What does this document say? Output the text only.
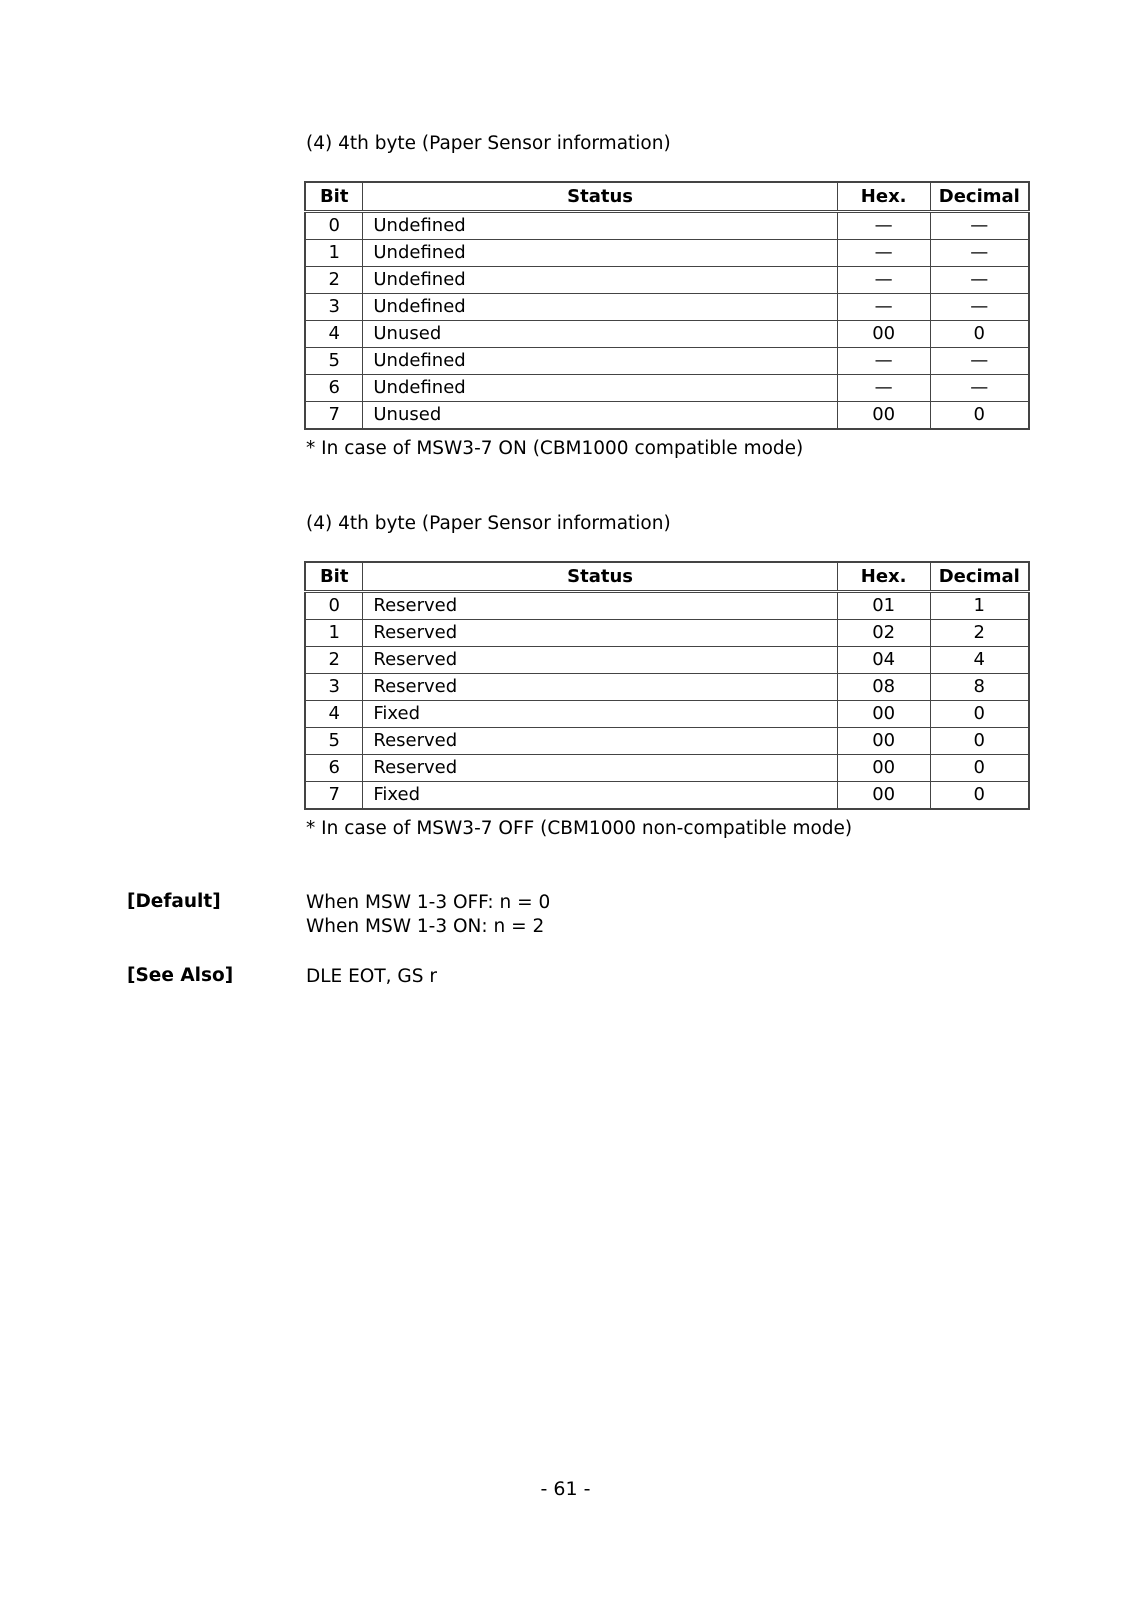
(4) 4th byte (Paper Sensor information)
Bit	Status	Hex.	Decimal
0	Undefined	—	—
1	Undefined	—	—
2	Undefined	—	—
3	Undefined	—	—
4	Unused	00	0
5	Undefined	—	—
6	Undefined	—	—
7	Unused	00	0
* In case of MSW3-7 ON (CBM1000 compatible mode)
(4) 4th byte (Paper Sensor information)
Bit	Status	Hex.	Decimal
0	Reserved	01	1
1	Reserved	02	2
2	Reserved	04	4
3	Reserved	08	8
4	Fixed	00	0
5	Reserved	00	0
6	Reserved	00	0
7	Fixed	00	0
* In case of MSW3-7 OFF (CBM1000 non-compatible mode)
[Default]	When MSW 1-3 OFF: n = 0
When MSW 1-3 ON: n = 2
[See Also]	DLE EOT, GS r
- 61 -
